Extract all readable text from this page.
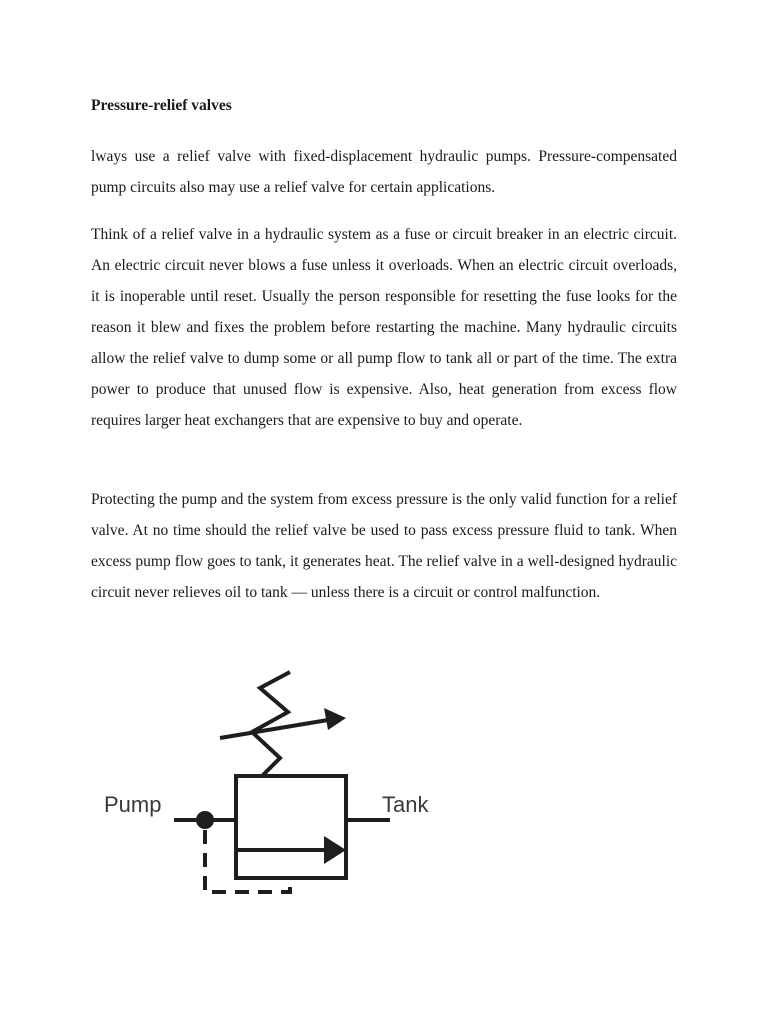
Pressure-relief valves

lways use a relief valve with fixed-displacement hydraulic pumps. Pressure-compensated pump circuits also may use a relief valve for certain applications.

Think of a relief valve in a hydraulic system as a fuse or circuit breaker in an electric circuit. An electric circuit never blows a fuse unless it overloads. When an electric circuit overloads, it is inoperable until reset. Usually the person responsible for resetting the fuse looks for the reason it blew and fixes the problem before restarting the machine. Many hydraulic circuits allow the relief valve to dump some or all pump flow to tank all or part of the time. The extra power to produce that unused flow is expensive. Also, heat generation from excess flow requires larger heat exchangers that are expensive to buy and operate.

Protecting the pump and the system from excess pressure is the only valid function for a relief valve. At no time should the relief valve be used to pass excess pressure fluid to tank. When excess pump flow goes to tank, it generates heat. The relief valve in a well-designed hydraulic circuit never relieves oil to tank — unless there is a circuit or control malfunction.

Pump	Tank
